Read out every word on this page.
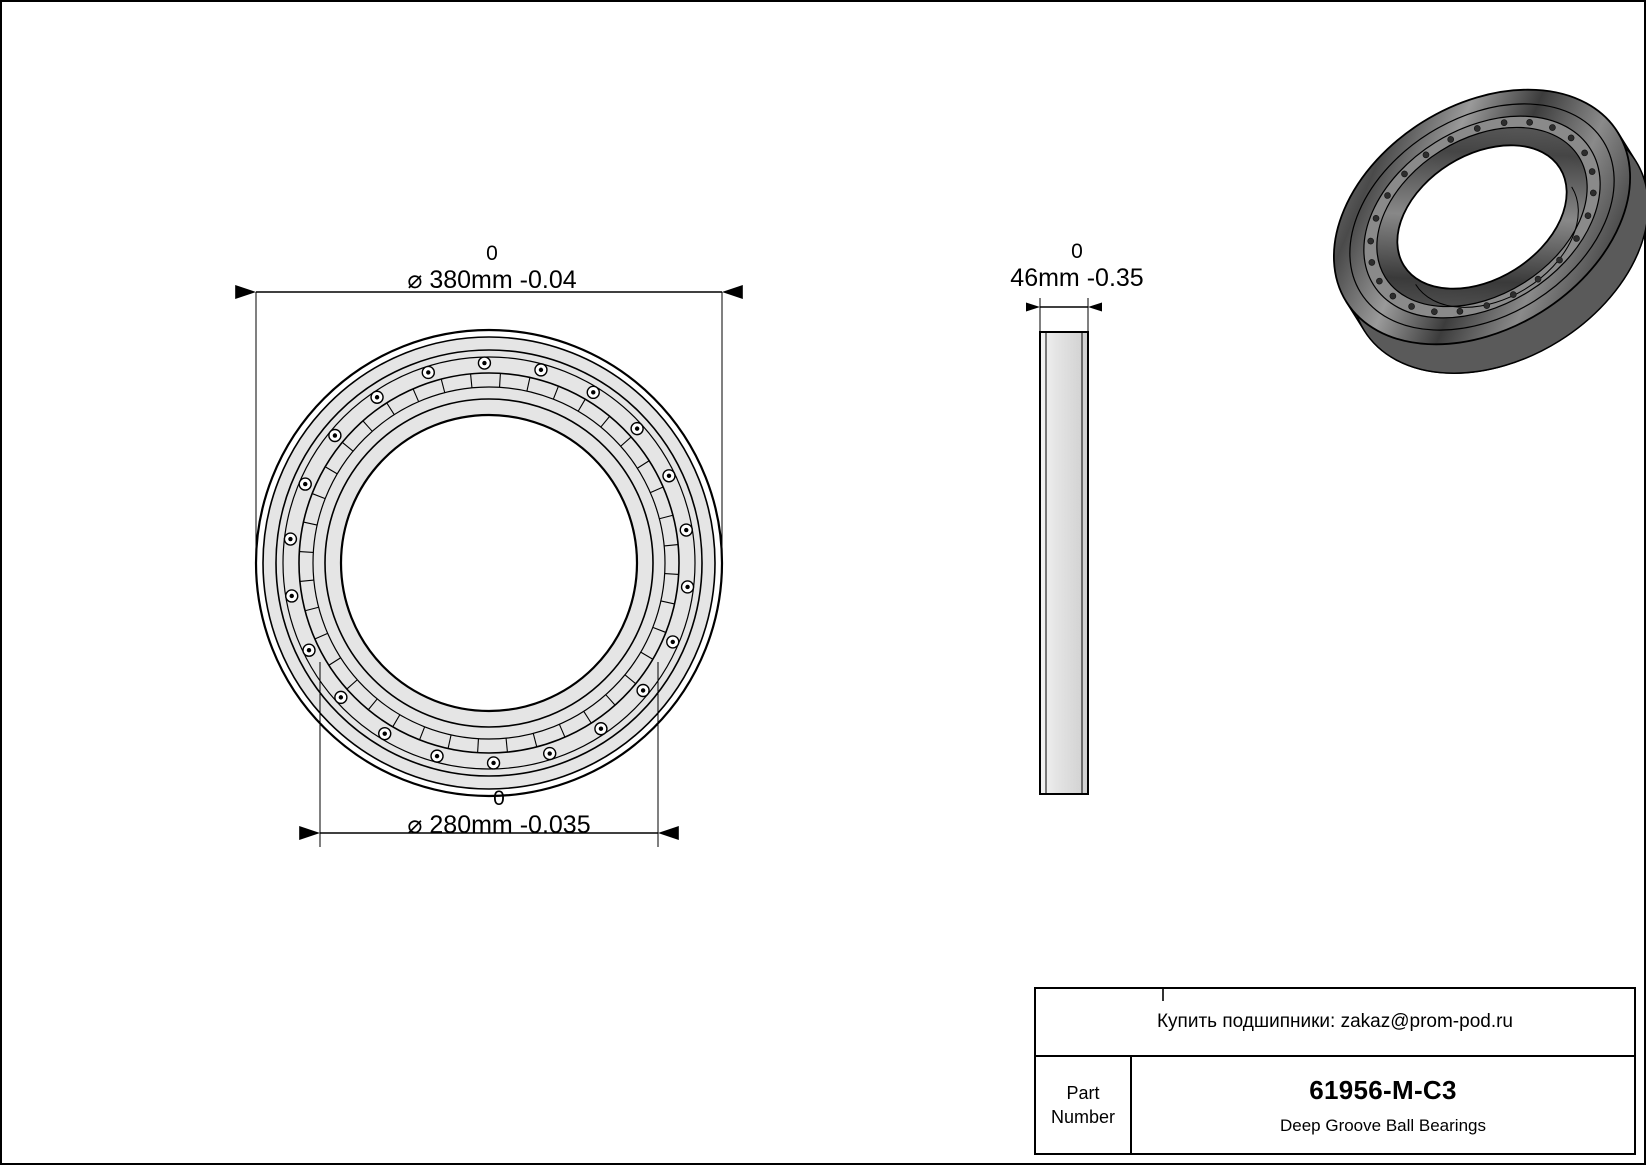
0
⌀ 380mm -0.04
0
⌀ 280mm -0.035
0
46mm -0.35
Купить подшипники: zakaz@prom-pod.ru
Part
Number
61956-M-C3
Deep Groove Ball Bearings
